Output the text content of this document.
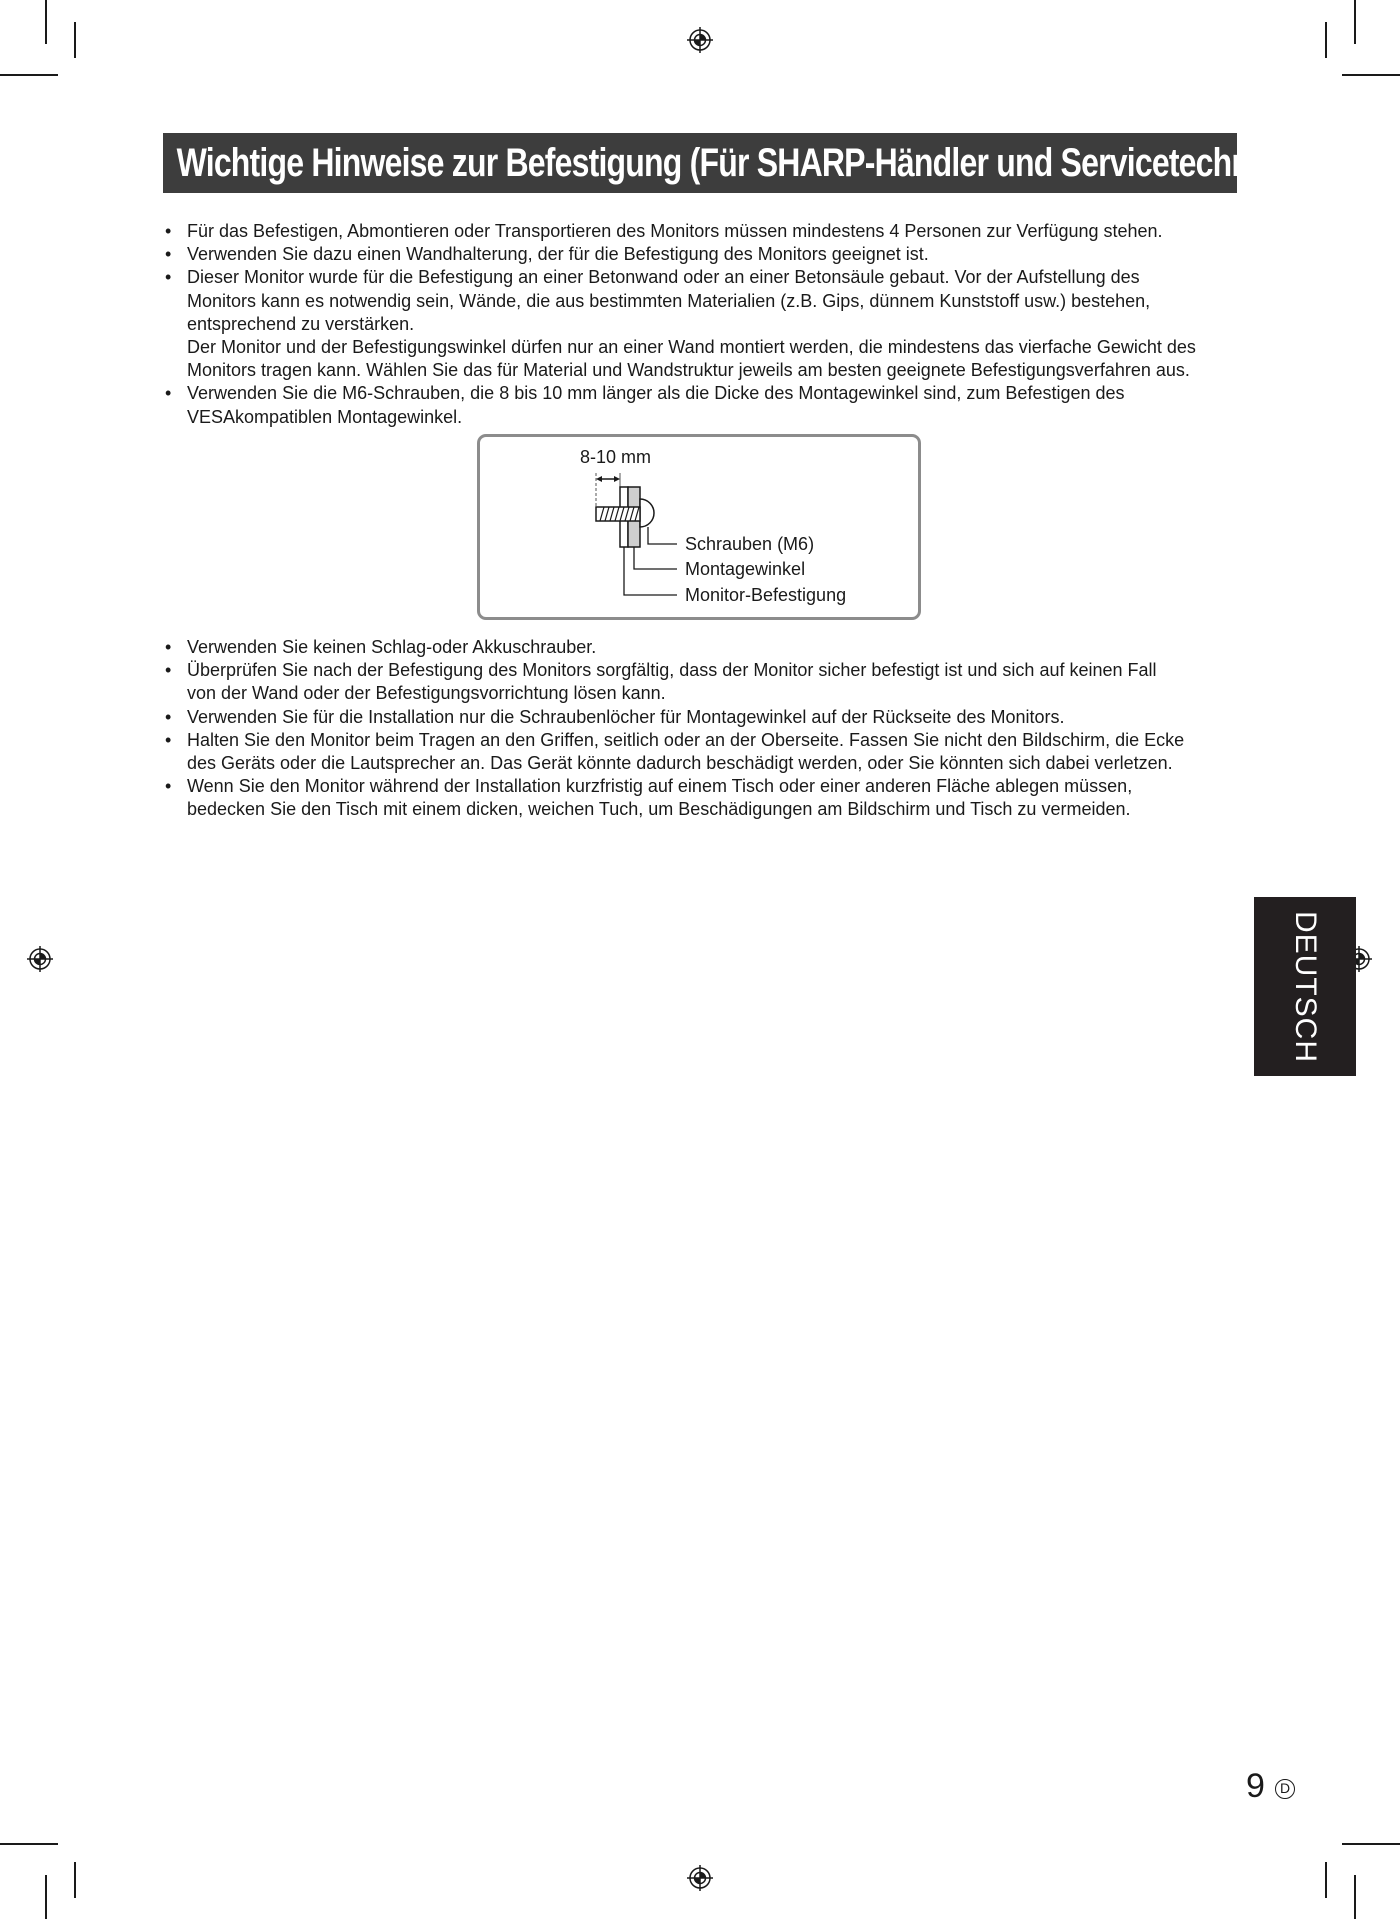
Wichtige Hinweise zur Befestigung (Für SHARP-Händler und Servicetechniker)
• Für das Befestigen, Abmontieren oder Transportieren des Monitors müssen mindestens 4 Personen zur Verfügung stehen.

• Verwenden Sie dazu einen Wandhalterung, der für die Befestigung des Monitors geeignet ist.

• Dieser Monitor wurde für die Befestigung an einer Betonwand oder an einer Betonsäule gebaut. Vor der Aufstellung des

Monitors kann es notwendig sein, Wände, die aus bestimmten Materialien (z.B. Gips, dünnem Kunststoff usw.) bestehen,

entsprechend zu verstärken.

Der Monitor und der Befestigungswinkel dürfen nur an einer Wand montiert werden, die mindestens das vierfache Gewicht des

Monitors tragen kann. Wählen Sie das für Material und Wandstruktur jeweils am besten geeignete Befestigungsverfahren aus.

• Verwenden Sie die M6-Schrauben, die 8 bis 10 mm länger als die Dicke des Montagewinkel sind, zum Befestigen des

VESAkompatiblen Montagewinkel.

8-10 mm
Schrauben (M6)
Montagewinkel
Monitor-Befestigung
• Verwenden Sie keinen Schlag-oder Akkuschrauber.

• Überprüfen Sie nach der Befestigung des Monitors sorgfältig, dass der Monitor sicher befestigt ist und sich auf keinen Fall

von der Wand oder der Befestigungsvorrichtung lösen kann.

• Verwenden Sie für die Installation nur die Schraubenlöcher für Montagewinkel auf der Rückseite des Monitors.

• Halten Sie den Monitor beim Tragen an den Griffen, seitlich oder an der Oberseite. Fassen Sie nicht den Bildschirm, die Ecke

des Geräts oder die Lautsprecher an. Das Gerät könnte dadurch beschädigt werden, oder Sie könnten sich dabei verletzen.

• Wenn Sie den Monitor während der Installation kurzfristig auf einem Tisch oder einer anderen Fläche ablegen müssen,

bedecken Sie den Tisch mit einem dicken, weichen Tuch, um Beschädigungen am Bildschirm und Tisch zu vermeiden.

DEUTSCH
9	D
